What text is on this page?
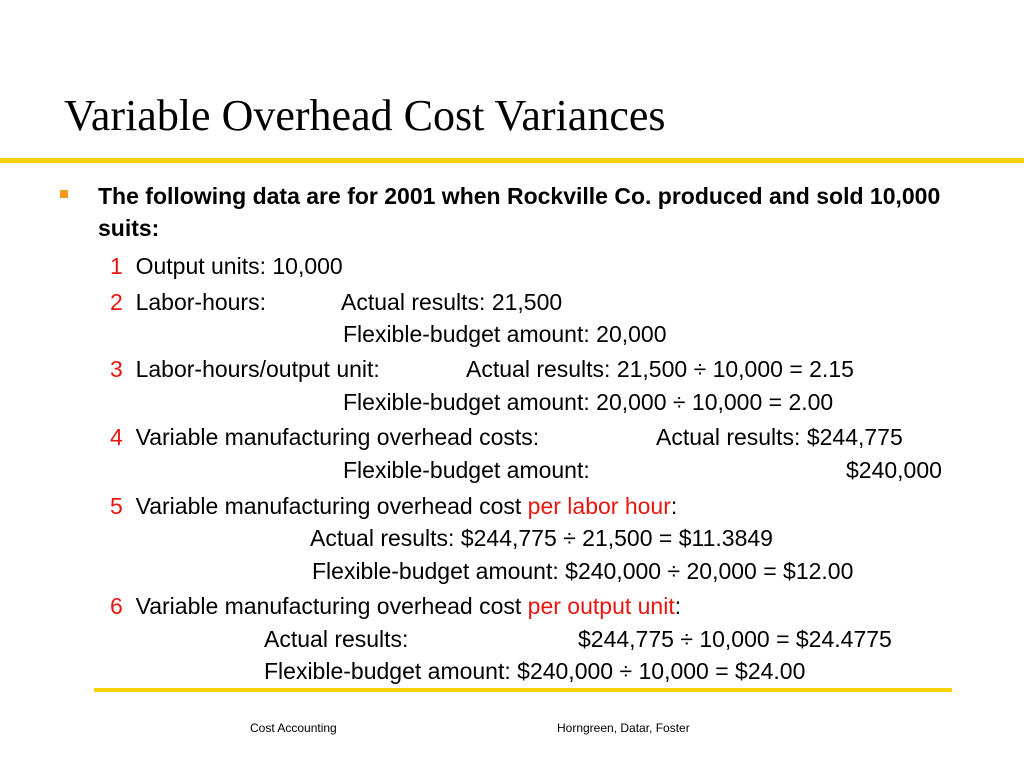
Variable Overhead Cost Variances
The following data are for 2001 when Rockville Co. produced and sold 10,000 suits:
1 Output units: 10,000
2 Labor-hours:	Actual results: 21,500
Flexible-budget amount: 20,000
3 Labor-hours/output unit:	Actual results: 21,500 ÷ 10,000 = 2.15
Flexible-budget amount: 20,000 ÷ 10,000 = 2.00
4 Variable manufacturing overhead costs:	Actual results: $244,775
Flexible-budget amount:	$240,000
5 Variable manufacturing overhead cost per labor hour:
Actual results: $244,775 ÷ 21,500 = $11.3849
Flexible-budget amount: $240,000 ÷ 20,000 = $12.00
6 Variable manufacturing overhead cost per output unit:
Actual results:	$244,775 ÷ 10,000 = $24.4775
Flexible-budget amount: $240,000 ÷ 10,000 = $24.00
Cost Accounting	Horngreen, Datar, Foster
